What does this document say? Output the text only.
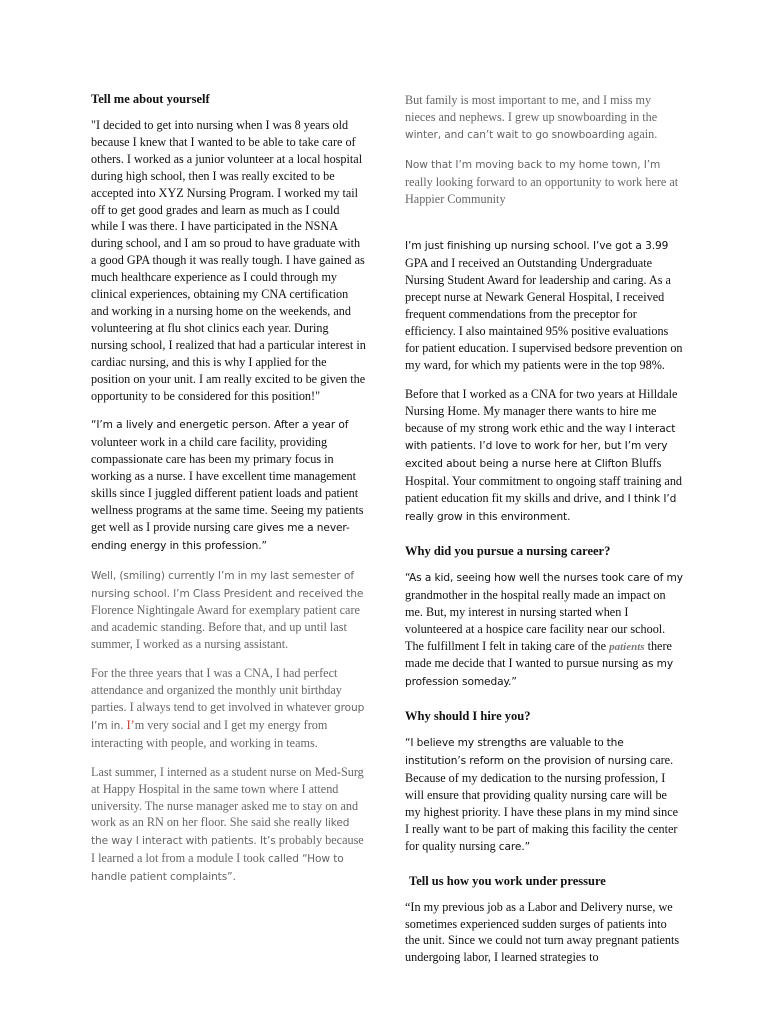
Tell me about yourself

"I decided to get into nursing when I was 8 years old because I knew that I wanted to be able to take care of others. I worked as a junior volunteer at a local hospital during high school, then I was really excited to be accepted into XYZ Nursing Program. I worked my tail off to get good grades and learn as much as I could while I was there. I have participated in the NSNA during school, and I am so proud to have graduate with a good GPA though it was really tough. I have gained as much healthcare experience as I could through my clinical experiences, obtaining my CNA certification and working in a nursing home on the weekends, and volunteering at flu shot clinics each year. During nursing school, I realized that had a particular interest in cardiac nursing, and this is why I applied for the position on your unit. I am really excited to be given the opportunity to be considered for this position!"

“I’m a lively and energetic person. After a year of volunteer work in a child care facility, providing compassionate care has been my primary focus in working as a nurse. I have excellent time management skills since I juggled different patient loads and patient wellness programs at the same time. Seeing my patients get well as I provide nursing care gives me a never-ending energy in this profession.”

Well, (smiling) currently I’m in my last semester of nursing school. I’m Class President and received the Florence Nightingale Award for exemplary patient care and academic standing. Before that, and up until last summer, I worked as a nursing assistant.

For the three years that I was a CNA, I had perfect attendance and organized the monthly unit birthday parties. I always tend to get involved in whatever group I’m in. I’m very social and I get my energy from interacting with people, and working in teams.

Last summer, I interned as a student nurse on Med-Surg at Happy Hospital in the same town where I attend university. The nurse manager asked me to stay on and work as an RN on her floor. She said she really liked the way I interact with patients. It’s probably because I learned a lot from a module I took called “How to handle patient complaints”.

But family is most important to me, and I miss my nieces and nephews. I grew up snowboarding in the winter, and can’t wait to go snowboarding again.

Now that I’m moving back to my home town, I’m really looking forward to an opportunity to work here at Happier Community

I’m just finishing up nursing school. I’ve got a 3.99 GPA and I received an Outstanding Undergraduate Nursing Student Award for leadership and caring. As a precept nurse at Newark General Hospital, I received frequent commendations from the preceptor for efficiency. I also maintained 95% positive evaluations for patient education. I supervised bedsore prevention on my ward, for which my patients were in the top 98%.

Before that I worked as a CNA for two years at Hilldale Nursing Home. My manager there wants to hire me because of my strong work ethic and the way I interact with patients. I’d love to work for her, but I’m very excited about being a nurse here at Clifton Bluffs Hospital. Your commitment to ongoing staff training and patient education fit my skills and drive, and I think I’d really grow in this environment.

Why did you pursue a nursing career?

“As a kid, seeing how well the nurses took care of my grandmother in the hospital really made an impact on me. But, my interest in nursing started when I volunteered at a hospice care facility near our school. The fulfillment I felt in taking care of the patients there made me decide that I wanted to pursue nursing as my profession someday.”

Why should I hire you?

“I believe my strengths are valuable to the institution’s reform on the provision of nursing care. Because of my dedication to the nursing profession, I will ensure that providing quality nursing care will be my highest priority. I have these plans in my mind since I really want to be part of making this facility the center for quality nursing care.”

Tell us how you work under pressure

“In my previous job as a Labor and Delivery nurse, we sometimes experienced sudden surges of patients into the unit. Since we could not turn away pregnant patients undergoing labor, I learned strategies to
